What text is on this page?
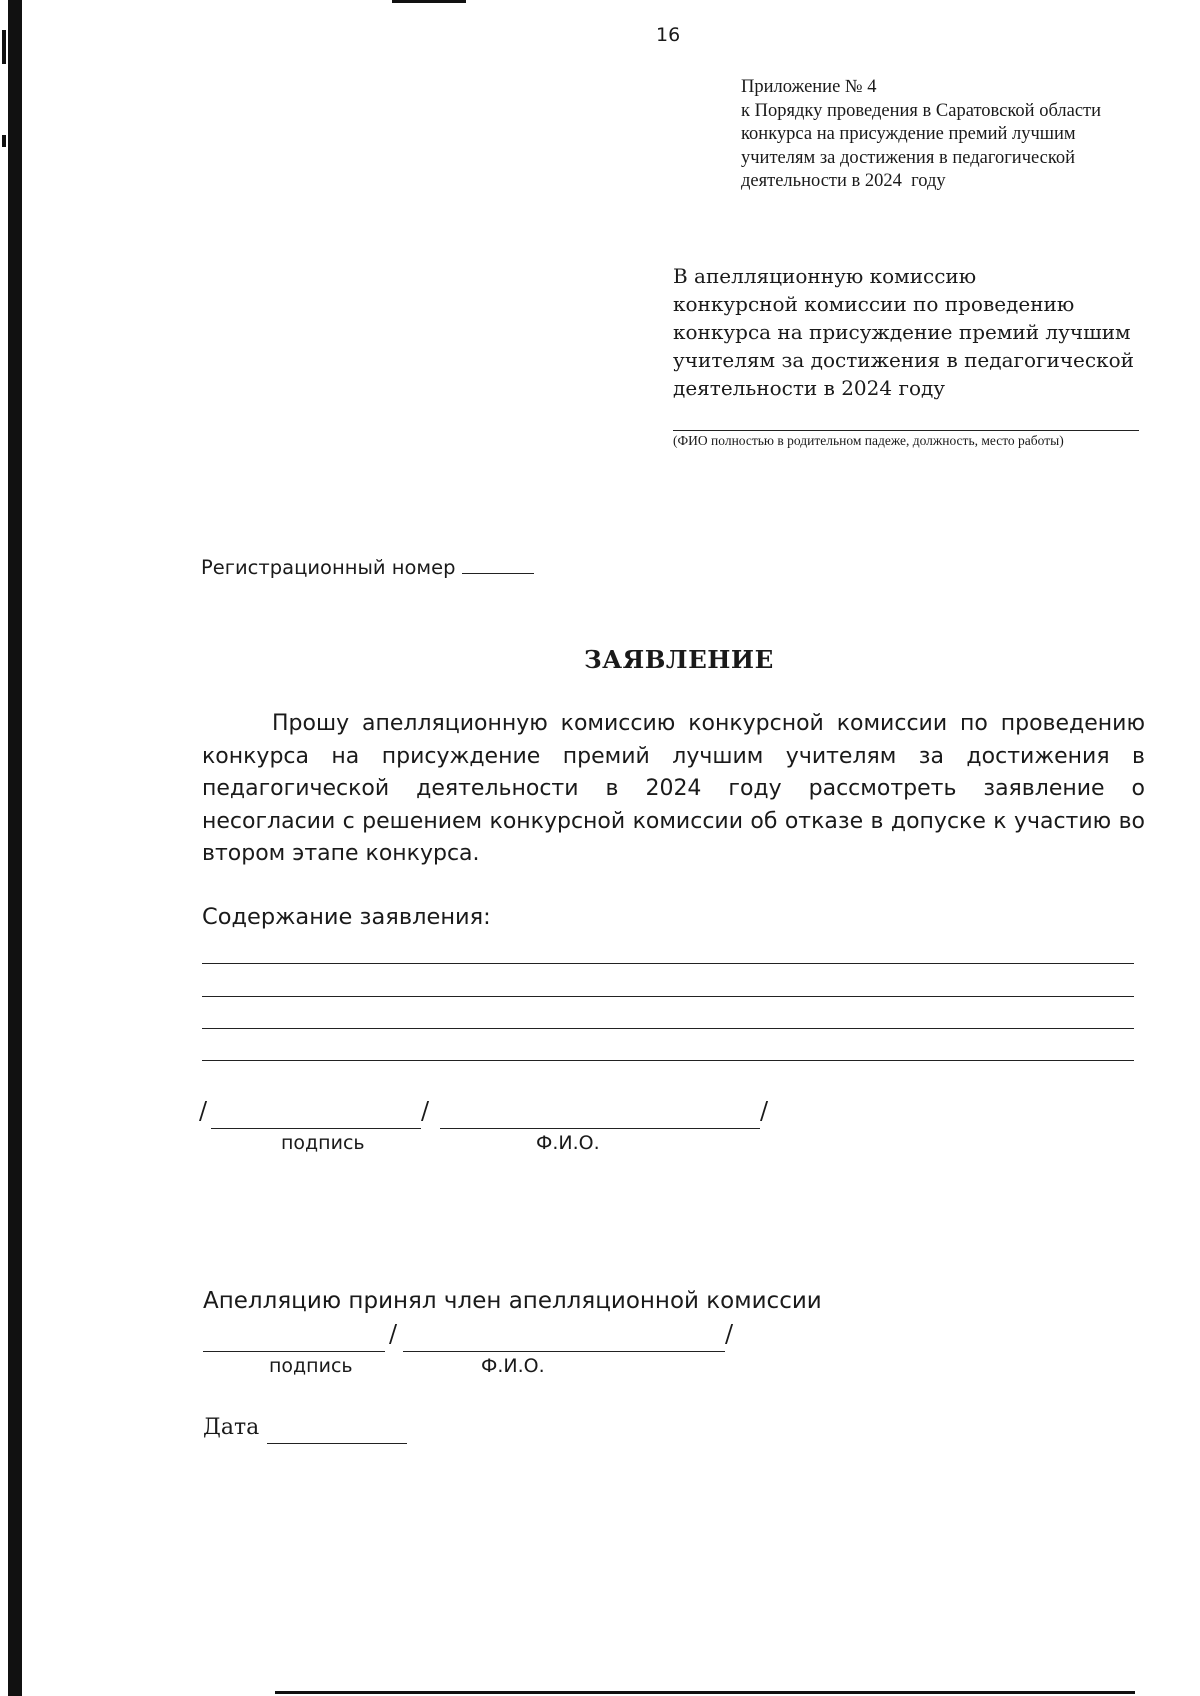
16
Приложение № 4
к Порядку проведения в Саратовской области
конкурса на присуждение премий лучшим
учителям за достижения в педагогической
деятельности в 2024  году
В апелляционную комиссию
конкурсной комиссии по проведению
конкурса на присуждение премий лучшим
учителям за достижения в педагогической
деятельности в 2024 году
(ФИО полностью в родительном падеже, должность, место работы)
Регистрационный номер
ЗАЯВЛЕНИЕ
Прошу апелляционную комиссию конкурсной комиссии по проведению конкурса на присуждение премий лучшим учителям за достижения в педагогической деятельности в 2024 году рассмотреть заявление о несогласии с решением конкурсной комиссии об отказе в допуске к участию во втором этапе конкурса.
Содержание заявления:
/	/	/
подпись	Ф.И.О.
Апелляцию принял член апелляционной комиссии
/	/
подпись	Ф.И.О.
Дата
